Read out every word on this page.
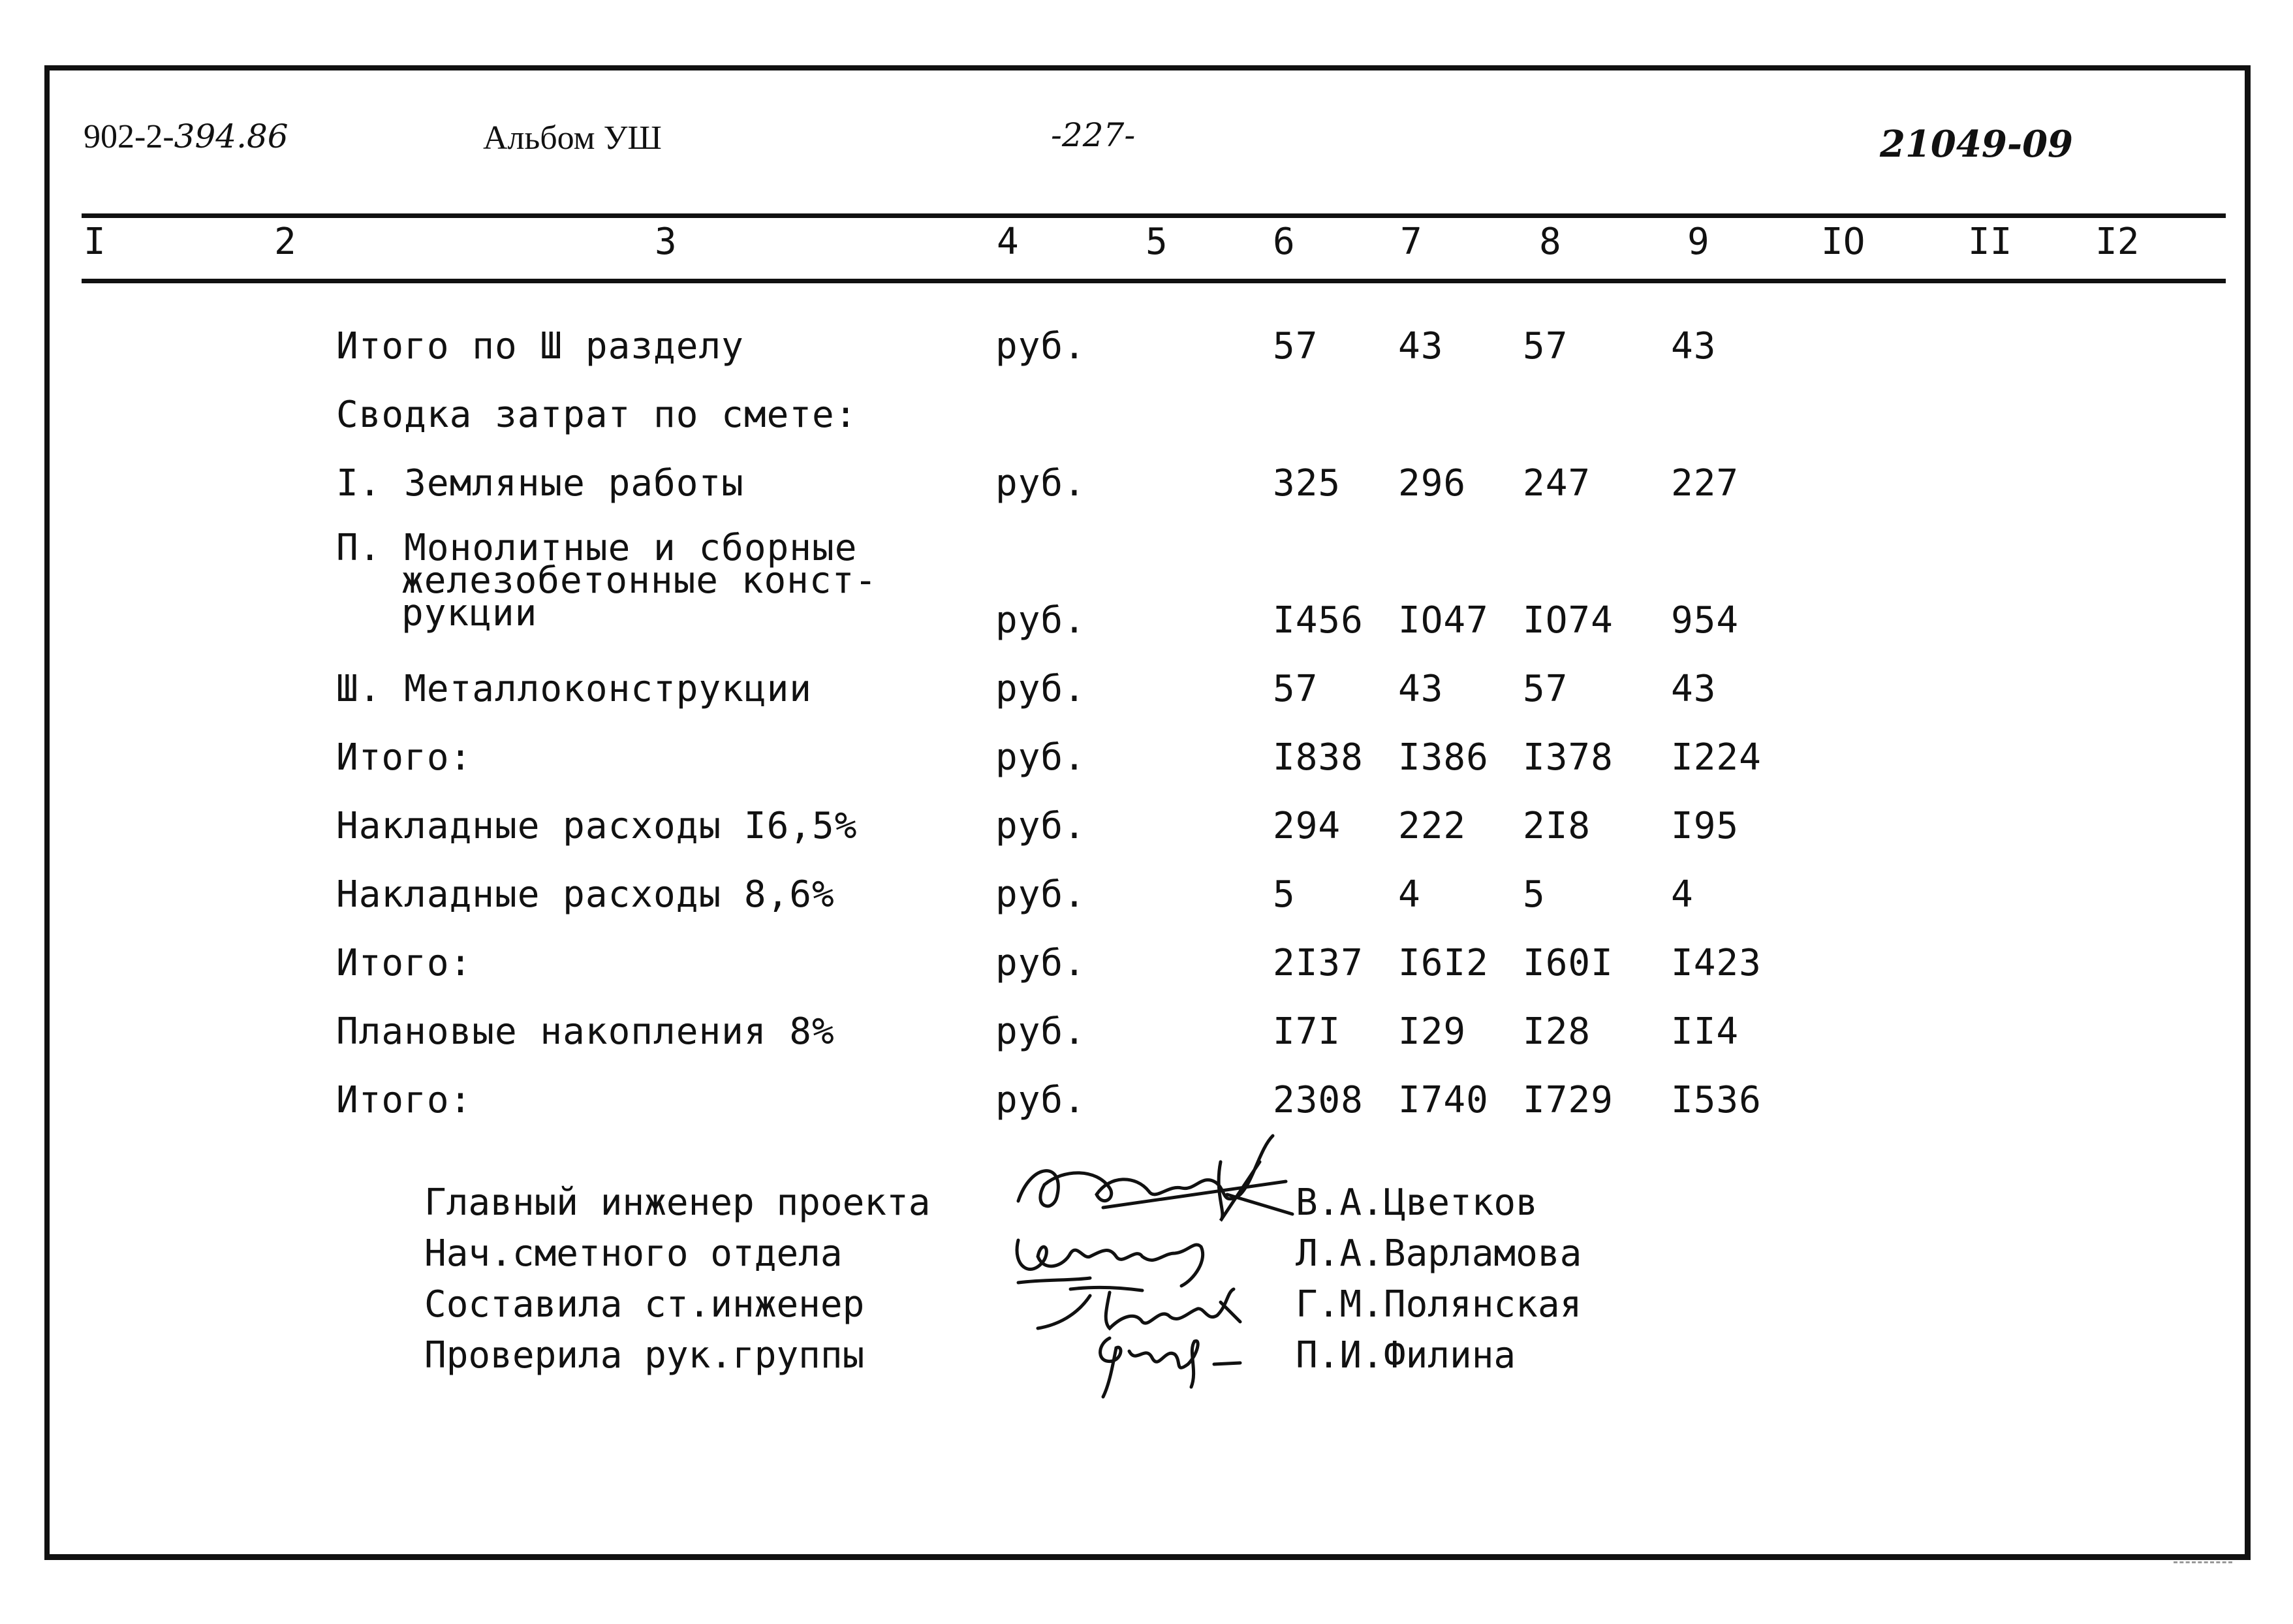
902-2-394.86	Альбом УШ	-227-	21049-09
I	2	3	4	5	6	7	8	9	IO	II I2
Итого по Ш разделу	руб.	57 43 57	43
Сводка затрат по смете:
I. Земляные работы	руб.	325 296 247 227
П. Монолитные и сборные
железобетонные конст-
рукции	руб.	I456 IO47 IO74 954
Ш. Металлоконструкции	руб.	57 43 57	43
Итого:	руб.	I838 I386 I378 I224
Накладные расходы I6,5%	руб.	294 222 2I8 I95
Накладные расходы 8,6%	руб.	5	4	5	4
Итого:	руб.	2I37 I6I2 I60I I423
Плановые накопления 8%	руб.	I7I I29 I28 II4
Итого:	руб.	2308 I740 I729 I536
Главный инженер проекта	В.А.Цветков
Нач.сметного отдела	Л.А.Варламова
Составила ст.инженер	Г.М.Полянская
Проверила рук.группы	П.И.Филина
